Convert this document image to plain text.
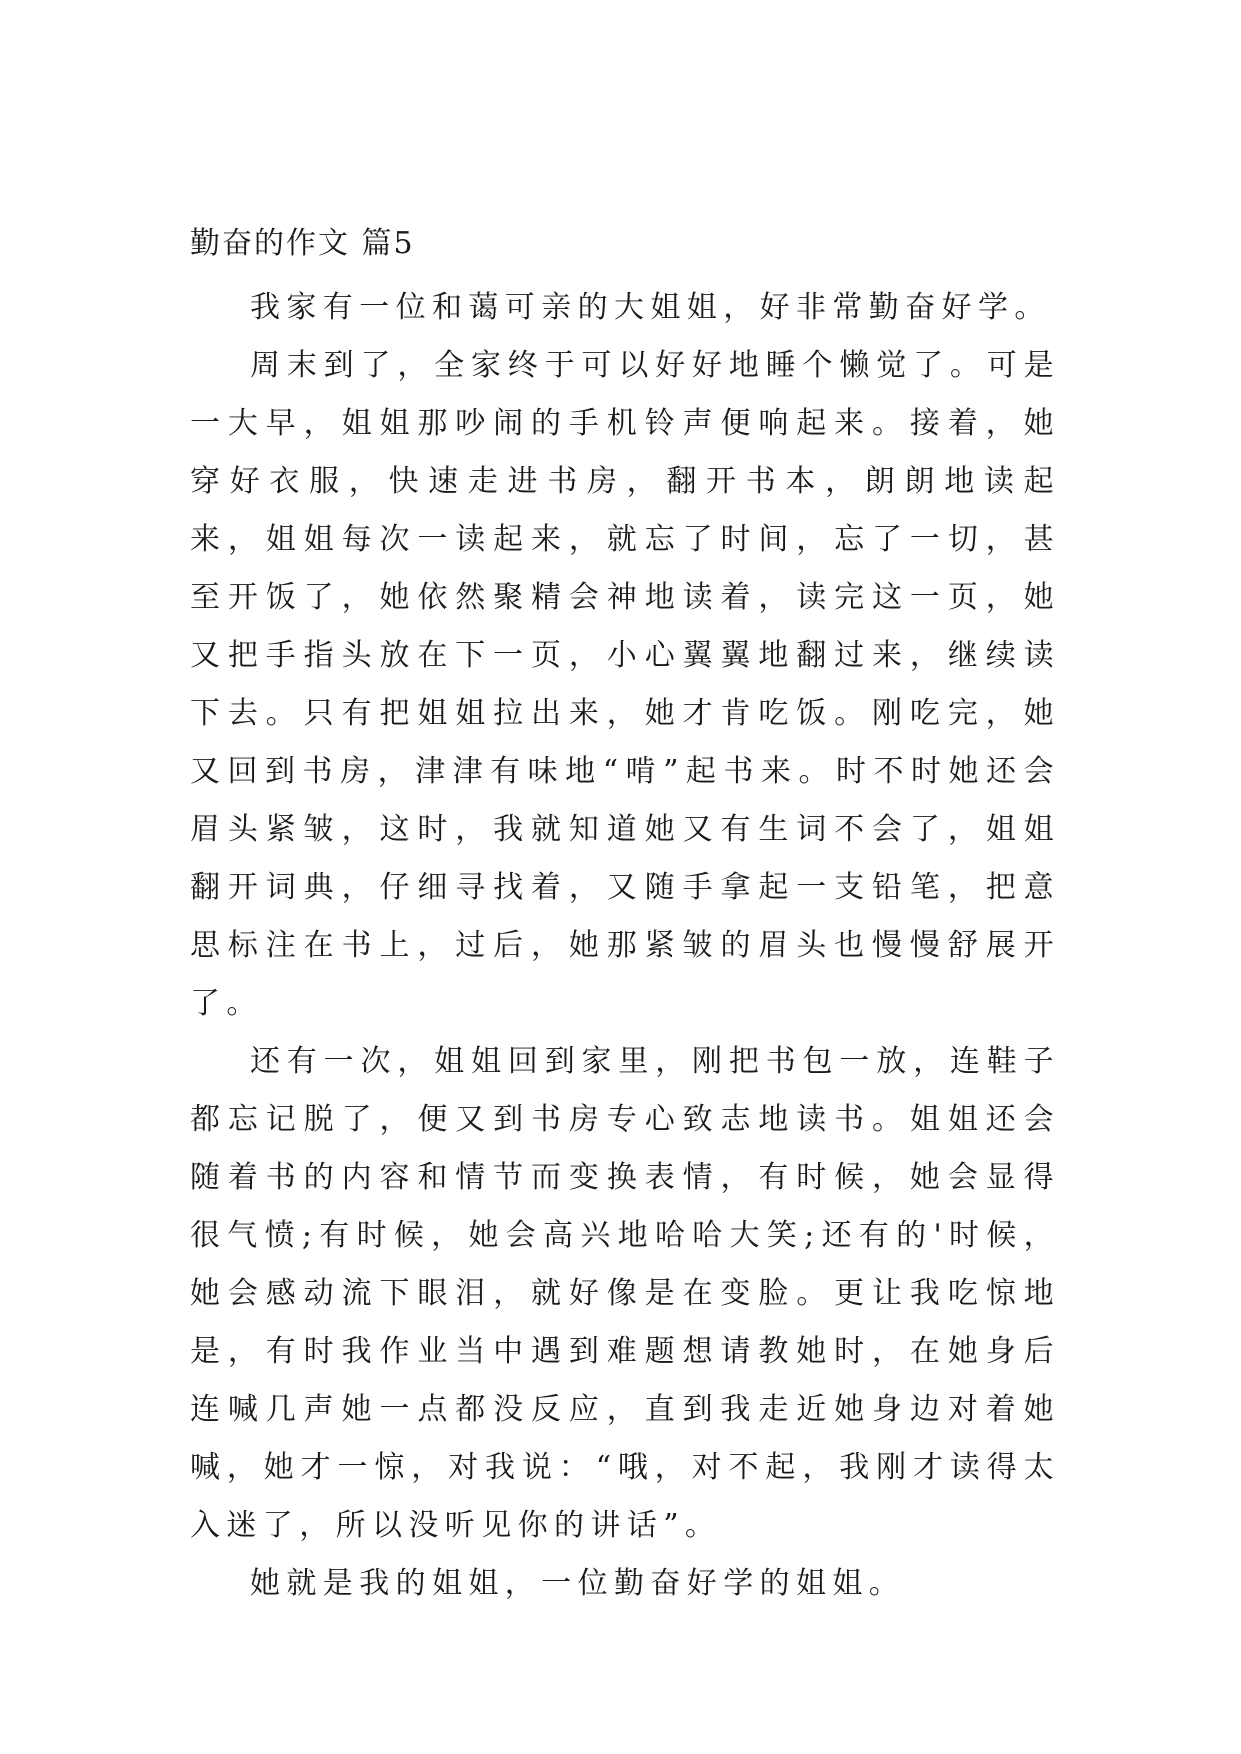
勤奋的作文 篇5

我家有一位和蔼可亲的大姐姐，好非常勤奋好学。

周末到了，全家终于可以好好地睡个懒觉了。可是一大早，姐姐那吵闹的手机铃声便响起来。接着，她穿好衣服，快速走进书房，翻开书本，朗朗地读起来，姐姐每次一读起来，就忘了时间，忘了一切，甚至开饭了，她依然聚精会神地读着，读完这一页，她又把手指头放在下一页，小心翼翼地翻过来，继续读下去。只有把姐姐拉出来，她才肯吃饭。刚吃完，她又回到书房，津津有味地“啃”起书来。时不时她还会眉头紧皱，这时，我就知道她又有生词不会了，姐姐翻开词典，仔细寻找着，又随手拿起一支铅笔，把意思标注在书上，过后，她那紧皱的眉头也慢慢舒展开了。

还有一次，姐姐回到家里，刚把书包一放，连鞋子都忘记脱了，便又到书房专心致志地读书。姐姐还会随着书的内容和情节而变换表情，有时候，她会显得很气愤;有时候，她会高兴地哈哈大笑;还有的'时候，她会感动流下眼泪，就好像是在变脸。更让我吃惊地是，有时我作业当中遇到难题想请教她时，在她身后连喊几声她一点都没反应，直到我走近她身边对着她喊，她才一惊，对我说：“哦，对不起，我刚才读得太入迷了，所以没听见你的讲话”。

她就是我的姐姐，一位勤奋好学的姐姐。
